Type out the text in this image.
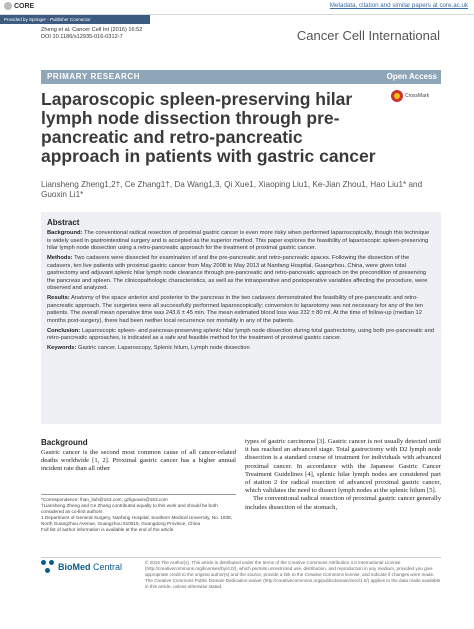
CORE	Metadata, citation and similar papers at core.ac.uk
Provided by Springer - Publisher Connector
Zheng et al. Cancer Cell Int (2016) 16:52
DOI 10.1186/s12935-016-0312-7	Cancer Cell International
PRIMARY RESEARCH	Open Access
CrossMark
Laparoscopic spleen-preserving hilar lymph node dissection through pre-pancreatic and retro-pancreatic approach in patients with gastric cancer
Liansheng Zheng1,2†, Ce Zhang1†, Da Wang1,3, Qi Xue1, Xiaoping Liu1, Ke-Jian Zhou1, Hao Liu1* and Guoxin Li1*
Abstract

Background: The conventional radical resection of proximal gastric cancer is even more risky when performed laparoscopically, though this technique is widely used in gastrointestinal surgery and is accepted as the superior method. This paper explores the feasibility of laparoscopic spleen-preserving hilar lymph node dissection using a retro-pancreatic approach for the treatment of proximal gastric cancer.

Methods: Two cadavers were dissected for examination of and the pre-pancreatic and retro-pancreatic spaces. Following the dissection of the cadavers, ten live patients with proximal gastric cancer from May 2008 to May 2013 at Nanfang Hospital, Guangzhou, China, were given total gastrectomy and adjuvant splenic hilar lymph node clearance through pre-pancreatic and retro-pancreatic approach on the precondition of preserving the pancreas and spleen. The clinicopathologic characteristics, as well as the intraoperative and postoperative variables affecting the procedure, were observed and analyzed.

Results: Anatomy of the space anterior and posterior to the pancreas in the two cadavers demonstrated the feasibility of pre-pancreatic and retro-pancreatic approach. The surgeries were all successfully performed laparoscopically; conversion to laparotomy was not necessary for any of the ten patients. The overall mean operative time was 243.6 ± 45 min. The mean estimated blood loss was 232 ± 80 ml. At the time of follow-up (median 12 months post-surgery), there had been neither local recurrence nor mortality in any of the patients.

Conclusion: Laparoscopic spleen- and pancreas-preserving splenic hilar lymph node dissection during total gastrectomy, using both pre-pancreatic and retro-pancreatic approaches, is indicated as a safe and feasible method for the treatment of proximal gastric cancer.

Keywords: Gastric cancer, Laparoscopy, Splenic hilum, Lymph node dissection

Background

Gastric cancer is the second most common cause of all cancer-related deaths worldwide [1, 2]. Proximal gastric cancer has a higher annual incident rate than all other

types of gastric carcinoma [3]. Gastric cancer is not usually detected until it has reached an advanced stage. Total gastrectomy with D2 lymph node dissection is a standard course of treatment for individuals with advanced proximal cancer. In accordance with the Japanese Gastric Cancer Treatment Guidelines [4], splenic hilar lymph nodes are considered part of station 2 for radical resection of advanced proximal gastric cancer, which validates the need to dissect lymph nodes at the splenic hilum [5].

The conventional radical resection of proximal gastric cancer generally includes dissection of the stomach,

*Correspondence: lhan_liuh@163.com; gzliguoxin@163.com
†Liansheng Zheng and Ce Zhang contributed equally to this work and should be both considered as co-first authors
1 Department of General Surgery, Nanfang Hospital, Southern Medical University, No. 1838, North Guangzhou Avenue, Guangzhou 510515, Guangdong Province, China
Full list of author information is available at the end of the article
BioMed Central	© 2016 The Author(s). This article is distributed under the terms of the Creative Commons Attribution 4.0 International License (http://creativecommons.org/licenses/by/4.0/), which permits unrestricted use, distribution, and reproduction in any medium, provided you give appropriate credit to the original author(s) and the source, provide a link to the Creative Commons license, and indicate if changes were made. The Creative Commons Public Domain Dedication waiver (http://creativecommons.org/publicdomain/zero/1.0/) applies to the data made available in this article, unless otherwise stated.
